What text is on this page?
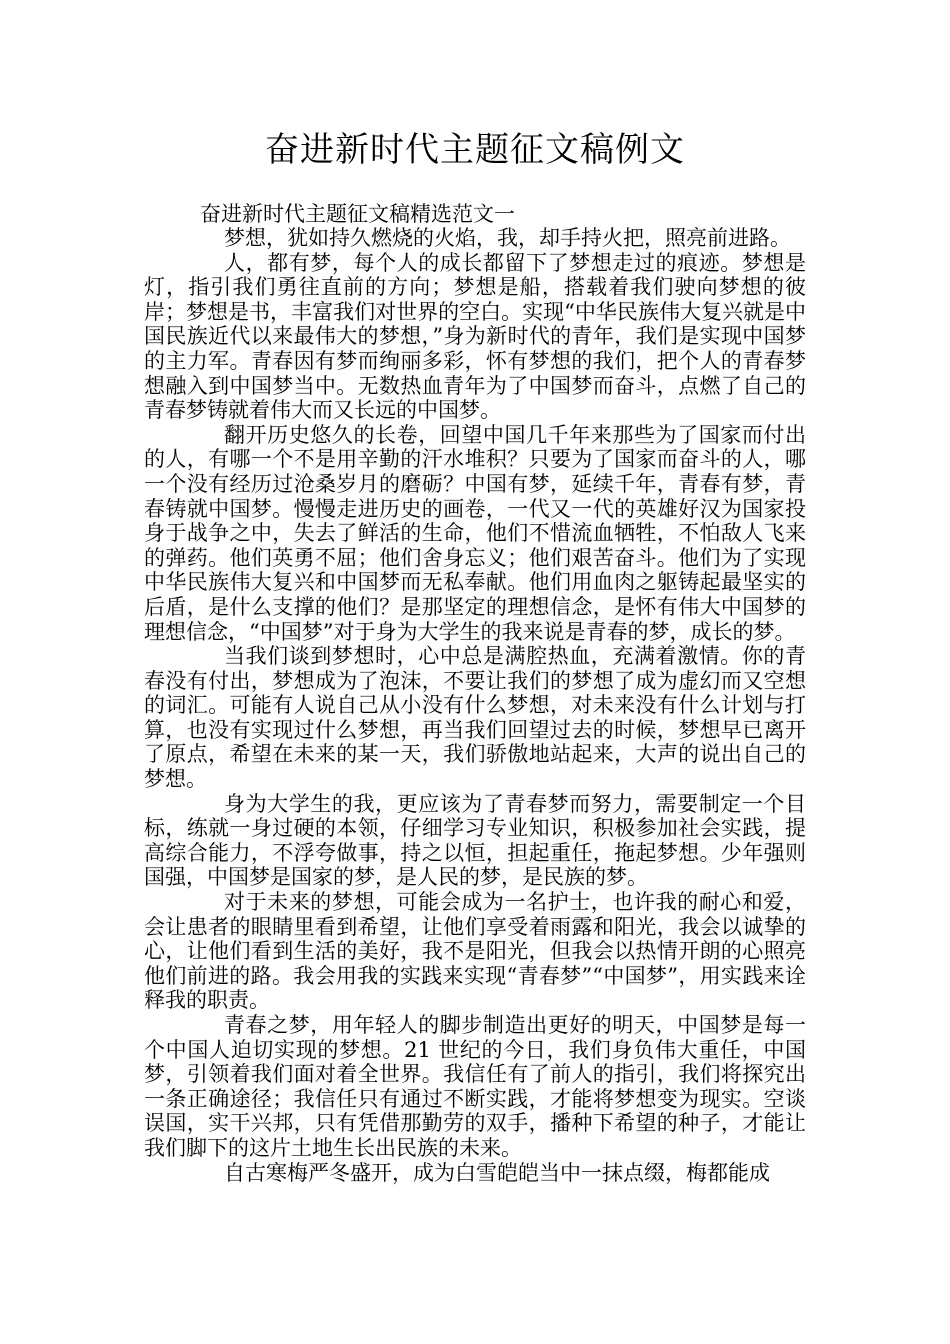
奋进新时代主题征文稿例文

奋进新时代主题征文稿精选范文一

梦想，犹如持久燃烧的火焰，我，却手持火把，照亮前进路。

人，都有梦，每个人的成长都留下了梦想走过的痕迹。梦想是灯，指引我们勇往直前的方向；梦想是船，搭载着我们驶向梦想的彼岸；梦想是书，丰富我们对世界的空白。实现“中华民族伟大复兴就是中国民族近代以来最伟大的梦想，”身为新时代的青年，我们是实现中国梦的主力军。青春因有梦而绚丽多彩，怀有梦想的我们，把个人的青春梦想融入到中国梦当中。无数热血青年为了中国梦而奋斗，点燃了自己的青春梦铸就着伟大而又长远的中国梦。

翻开历史悠久的长卷，回望中国几千年来那些为了国家而付出的人，有哪一个不是用辛勤的汗水堆积？只要为了国家而奋斗的人，哪一个没有经历过沧桑岁月的磨砺？中国有梦，延续千年，青春有梦，青春铸就中国梦。慢慢走进历史的画卷，一代又一代的英雄好汉为国家投身于战争之中，失去了鲜活的生命，他们不惜流血牺牲，不怕敌人飞来的弹药。他们英勇不屈；他们舍身忘义；他们艰苦奋斗。他们为了实现中华民族伟大复兴和中国梦而无私奉献。他们用血肉之躯铸起最坚实的后盾，是什么支撑的他们？是那坚定的理想信念，是怀有伟大中国梦的理想信念，“中国梦”对于身为大学生的我来说是青春的梦，成长的梦。

当我们谈到梦想时，心中总是满腔热血，充满着激情。你的青春没有付出，梦想成为了泡沫，不要让我们的梦想了成为虚幻而又空想的词汇。可能有人说自己从小没有什么梦想，对未来没有什么计划与打算，也没有实现过什么梦想，再当我们回望过去的时候，梦想早已离开了原点，希望在未来的某一天，我们骄傲地站起来，大声的说出自己的梦想。

身为大学生的我，更应该为了青春梦而努力，需要制定一个目标，练就一身过硬的本领，仔细学习专业知识，积极参加社会实践，提高综合能力，不浮夸做事，持之以恒，担起重任，拖起梦想。少年强则国强，中国梦是国家的梦，是人民的梦，是民族的梦。

对于未来的梦想，可能会成为一名护士，也许我的耐心和爱，会让患者的眼睛里看到希望，让他们享受着雨露和阳光，我会以诚挚的心，让他们看到生活的美好，我不是阳光，但我会以热情开朗的心照亮他们前进的路。我会用我的实践来实现“青春梦”“中国梦”，用实践来诠释我的职责。

青春之梦，用年轻人的脚步制造出更好的明天，中国梦是每一个中国人迫切实现的梦想。21 世纪的今日，我们身负伟大重任，中国梦，引领着我们面对着全世界。我信任有了前人的指引，我们将探究出一条正确途径；我信任只有通过不断实践，才能将梦想变为现实。空谈误国，实干兴邦，只有凭借那勤劳的双手，播种下希望的种子，才能让我们脚下的这片土地生长出民族的未来。

自古寒梅严冬盛开，成为白雪皑皑当中一抹点缀，梅都能成
